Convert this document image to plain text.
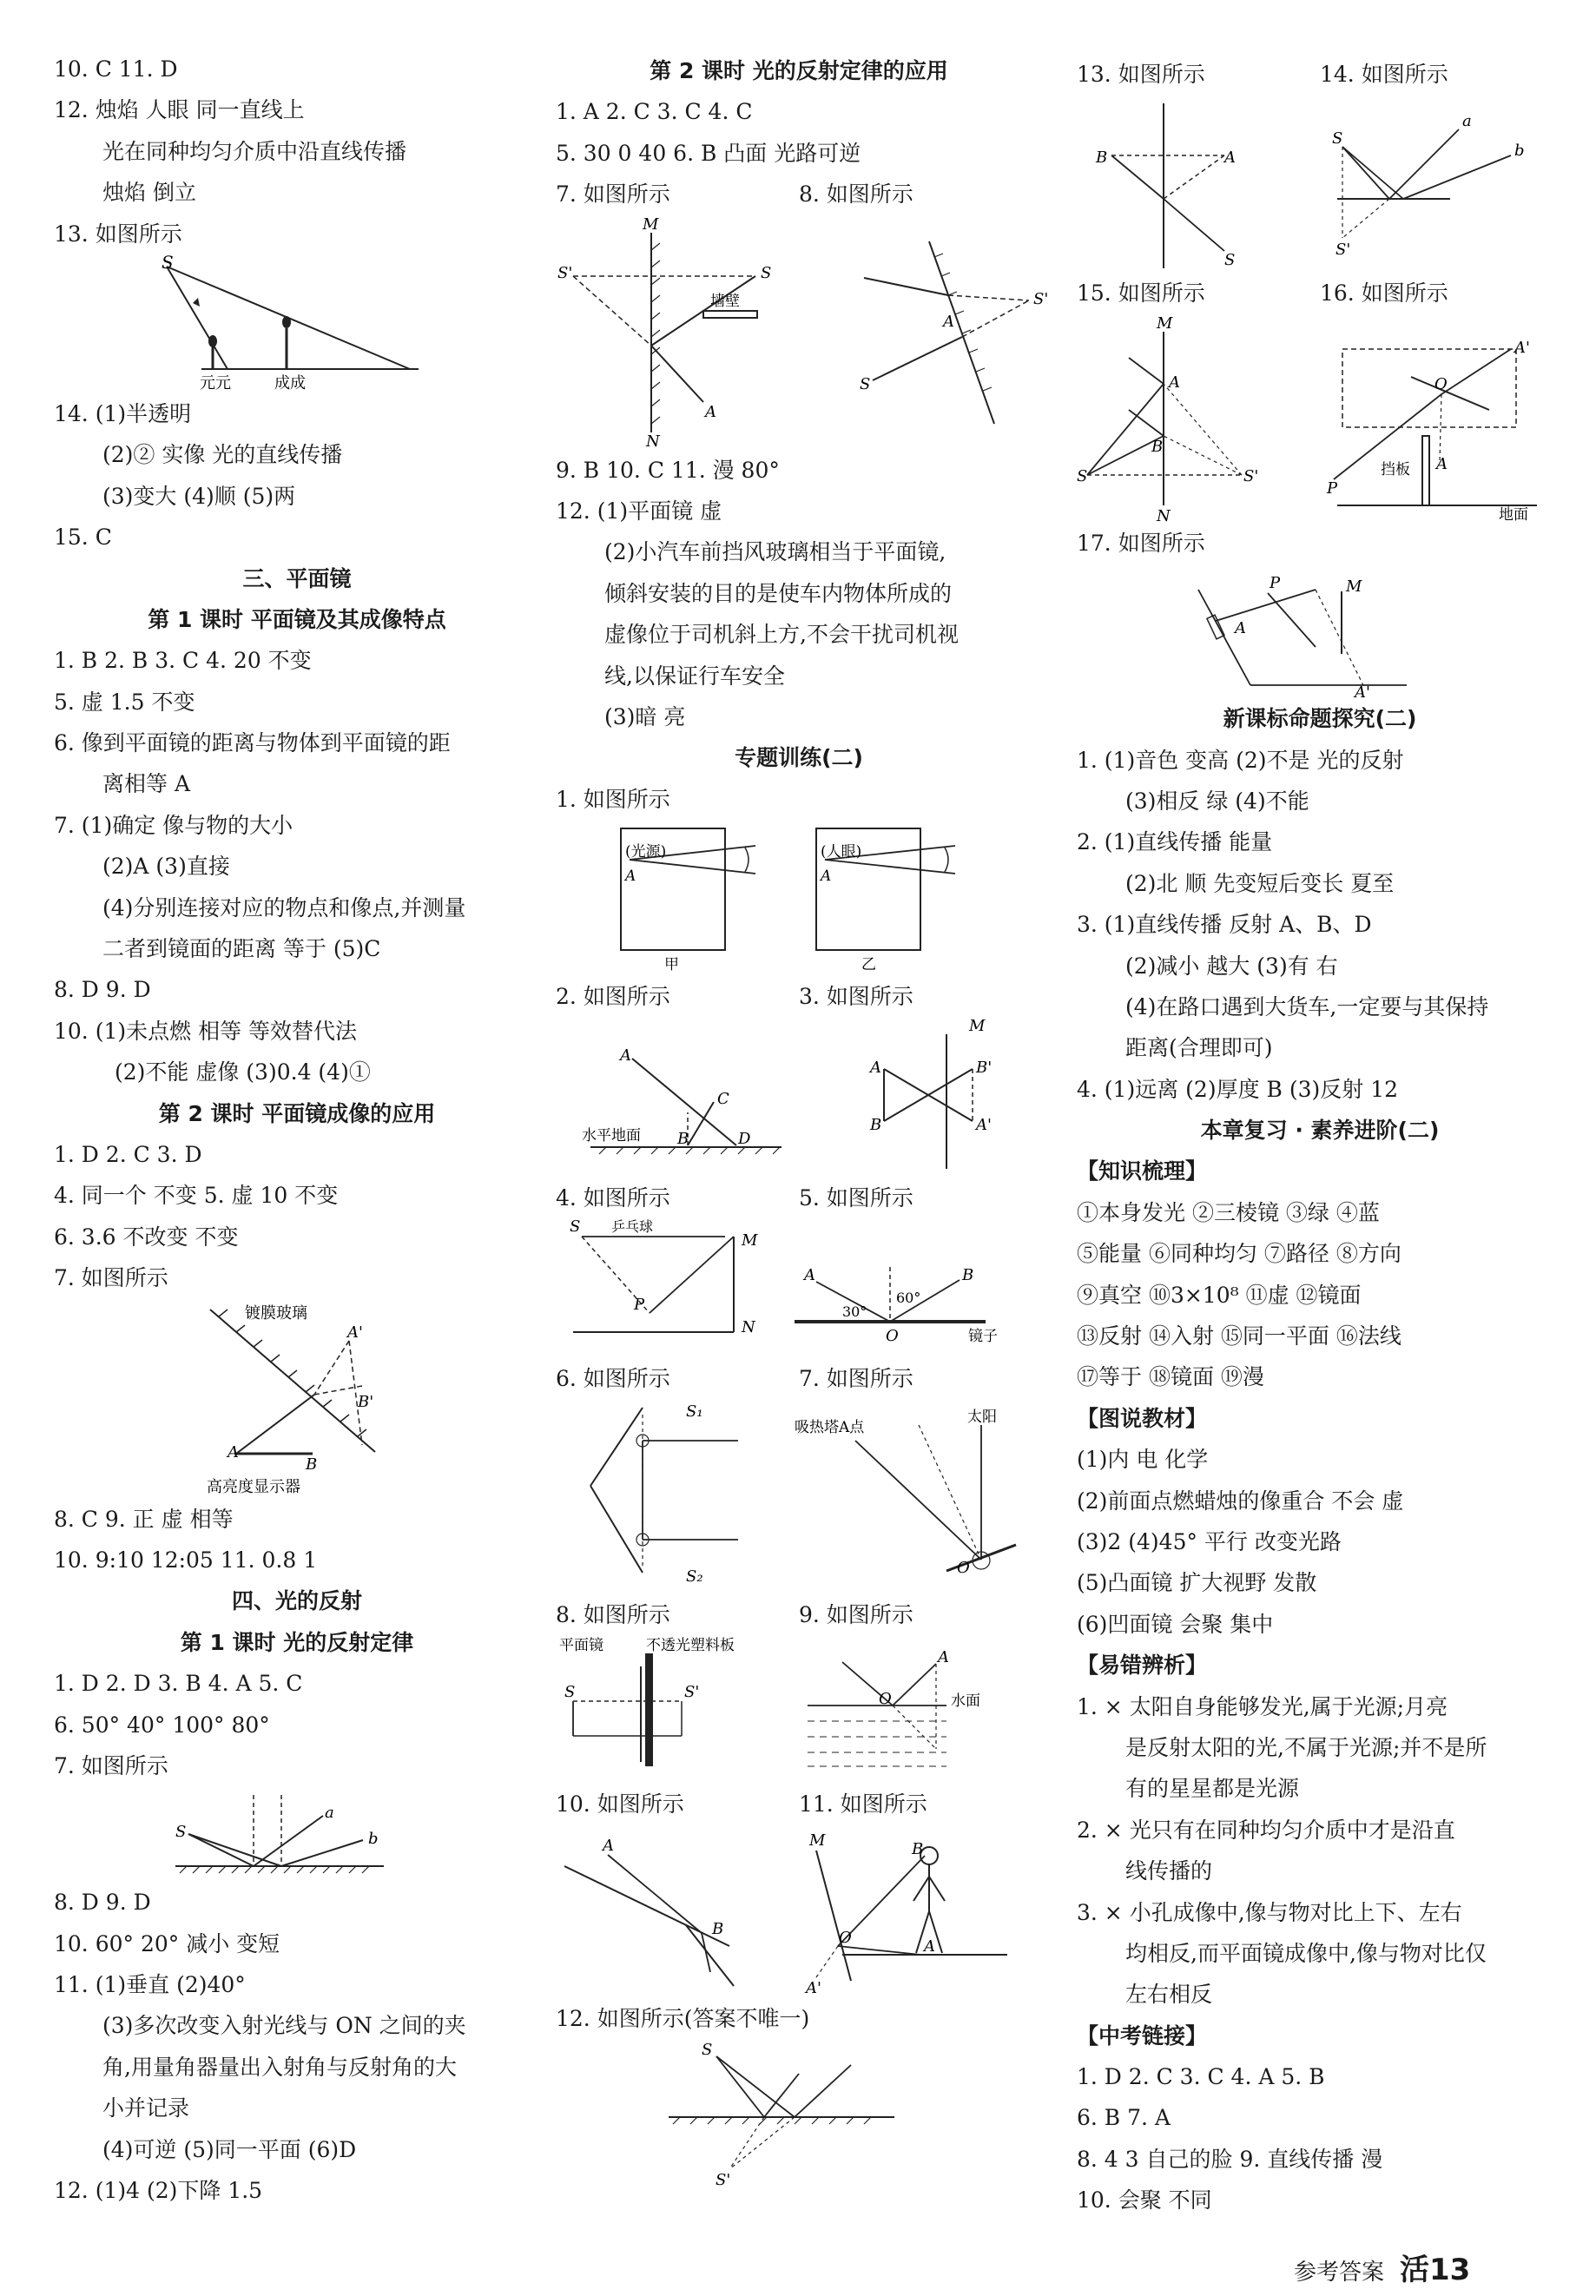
10. C 11. D
12. 烛焰 人眼 同一直线上
光在同种均匀介质中沿直线传播
烛焰 倒立
13. 如图所示
S
元元	成成
14. (1)半透明
(2)② 实像 光的直线传播
(3)变大 (4)顺 (5)两
15. C
三、平面镜
第 1 课时 平面镜及其成像特点
1. B 2. B 3. C 4. 20 不变
5. 虚 1.5 不变
6. 像到平面镜的距离与物体到平面镜的距
离相等 A
7. (1)确定 像与物的大小
(2)A (3)直接
(4)分别连接对应的物点和像点,并测量
二者到镜面的距离 等于 (5)C
8. D 9. D
10. (1)未点燃 相等 等效替代法
(2)不能 虚像 (3)0.4 (4)①
第 2 课时 平面镜成像的应用
1. D 2. C 3. D
4. 同一个 不变 5. 虚 10 不变
6. 3.6 不改变 不变
7. 如图所示
镀膜玻璃
A'
B'
A
B
高亮度显示器
8. C 9. 正 虚 相等
10. 9:10 12:05 11. 0.8 1
四、光的反射
第 1 课时 光的反射定律
1. D 2. D 3. B 4. A 5. C
6. 50° 40° 100° 80°
7. 如图所示
S
a
b
8. D 9. D
10. 60° 20° 减小 变短
11. (1)垂直 (2)40°
(3)多次改变入射光线与 ON 之间的夹
角,用量角器量出入射角与反射角的大
小并记录
(4)可逆 (5)同一平面 (6)D
12. (1)4 (2)下降 1.5
第 2 课时 光的反射定律的应用
1. A 2. C 3. C 4. C
5. 30 0 40 6. B 凸面 光路可逆
7. 如图所示	8. 如图所示
M
N
S'	S
A
墙壁
A
S'
S
9. B 10. C 11. 漫 80°
12. (1)平面镜 虚
(2)小汽车前挡风玻璃相当于平面镜,
倾斜安装的目的是使车内物体所成的
虚像位于司机斜上方,不会干扰司机视
线,以保证行车安全
(3)暗 亮
专题训练(二)
1. 如图所示
(光源)
A
甲
(人眼)
A
乙
2. 如图所示	3. 如图所示
A
C
B	D
水平地面
M
A
B	A'
B'
4. 如图所示	5. 如图所示
S 乒乓球
M
P
N
A	B
O
30°
60°
镜子
6. 如图所示	7. 如图所示
S₁
S₂
吸热塔A点
太阳
O
8. 如图所示	9. 如图所示
平面镜	不透光塑料板
S	S'
A
O	水面
10. 如图所示	11. 如图所示
A
B
M	B
O	A
A'
12. 如图所示(答案不唯一)
S
S'
13. 如图所示	14. 如图所示
B	A
S
S
a
b
S'
15. 如图所示	16. 如图所示
M
N
S	S'
A
B
A'
O
P
A
挡板
地面
17. 如图所示
P	M
A
A'
新课标命题探究(二)
1. (1)音色 变高 (2)不是 光的反射
(3)相反 绿 (4)不能
2. (1)直线传播 能量
(2)北 顺 先变短后变长 夏至
3. (1)直线传播 反射 A、B、D
(2)减小 越大 (3)有 右
(4)在路口遇到大货车,一定要与其保持
距离(合理即可)
4. (1)远离 (2)厚度 B (3)反射 12
本章复习 · 素养进阶(二)
【知识梳理】
①本身发光 ②三棱镜 ③绿 ④蓝
⑤能量 ⑥同种均匀 ⑦路径 ⑧方向
⑨真空 ⑩3×10⁸ ⑪虚 ⑫镜面
⑬反射 ⑭入射 ⑮同一平面 ⑯法线
⑰等于 ⑱镜面 ⑲漫
【图说教材】
(1)内 电 化学
(2)前面点燃蜡烛的像重合 不会 虚
(3)2 (4)45° 平行 改变光路
(5)凸面镜 扩大视野 发散
(6)凹面镜 会聚 集中
【易错辨析】
1. × 太阳自身能够发光,属于光源;月亮
是反射太阳的光,不属于光源;并不是所
有的星星都是光源
2. × 光只有在同种均匀介质中才是沿直
线传播的
3. × 小孔成像中,像与物对比上下、左右
均相反,而平面镜成像中,像与物对比仅
左右相反
【中考链接】
1. D 2. C 3. C 4. A 5. B
6. B 7. A
8. 4 3 自己的脸 9. 直线传播 漫
10. 会聚 不同
参考答案 活13
